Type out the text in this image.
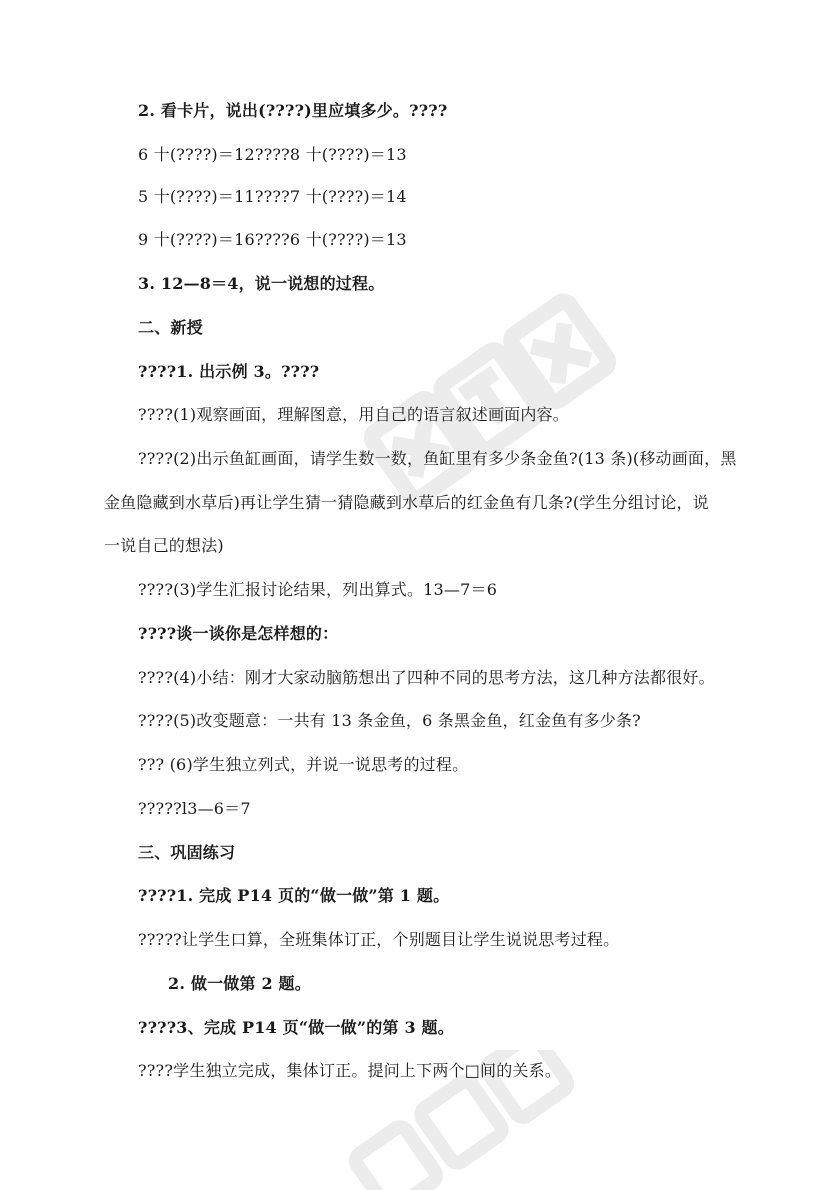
2. 看卡片，说出(????)里应填多少。????
6 十(????)＝12????8 十(????)＝13
5 十(????)＝11????7 十(????)＝14
9 十(????)＝16????6 十(????)＝13
3. 12—8＝4，说一说想的过程。
二、新授
????1. 出示例 3。????
????(1)观察画面，理解图意，用自己的语言叙述画面内容。
????(2)出示鱼缸画面，请学生数一数，鱼缸里有多少条金鱼?(13 条)(移动画面，黑
金鱼隐藏到水草后)再让学生猜一猜隐藏到水草后的红金鱼有几条?(学生分组讨论，说
一说自己的想法)
????(3)学生汇报讨论结果，列出算式。13—7＝6
????谈一谈你是怎样想的：
????(4)小结：刚才大家动脑筋想出了四种不同的思考方法，这几种方法都很好。
????(5)改变题意：一共有 13 条金鱼，6 条黑金鱼，红金鱼有多少条?
??? (6)学生独立列式，并说一说思考的过程。
?????l3—6＝7
三、巩固练习
????1. 完成 P14 页的“做一做”第 1 题。
?????让学生口算，全班集体订正，个别题目让学生说说思考过程。
2. 做一做第 2 题。
????3、完成 P14 页“做一做”的第 3 题。
????学生独立完成，集体订正。提问上下两个□间的关系。
